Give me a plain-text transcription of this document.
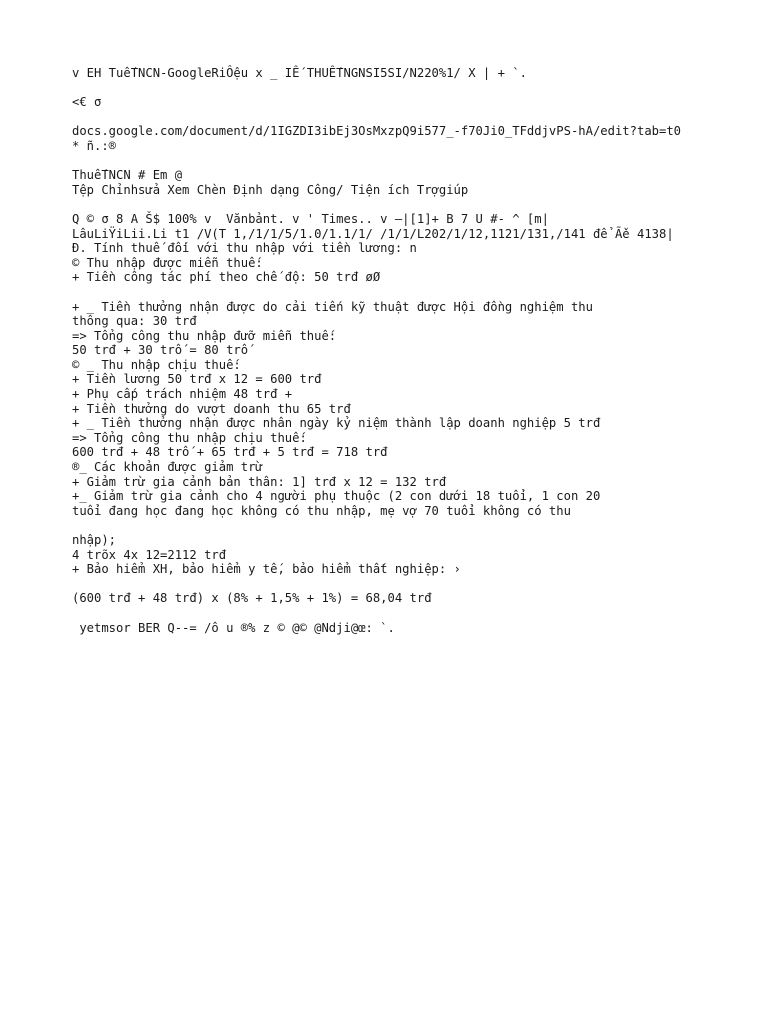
v EH TuếTNCN-GoogleRiÔệu x _ IẾ THUẾTNGNSI5SI/N220%1/ X | + `.
<€ σ
docs.google.com/document/d/1IGZDI3ibEj3OsMxzpQ9i577_-f70Ji0_TFddjvPS-hA/edit?tab=t0
* ñ.:®
ThuếTNCN # Em @
Tệp Chỉnhsửa Xem Chèn Định dạng Công/ Tiện ích Trợgiúp
Q © σ 8 A Š$ 100% v  Vănbảnt. v ' Times.. v —|[1]+ B 7 U #- ^ [m|
LâuLiŸiLii.Li t1 /V(T 1,/1/1/5/1.0/1.1/1/ /1/1/L202/1/12,1121/131,/141 để Ãě 4138|
Đ. Tính thuế đối với thu nhập với tiền lương: n
© Thu nhập được miễn thuế:
+ Tiền công tác phí theo chế độ: 50 trđ øØ
+ _ Tiền thưởng nhận được do cải tiến kỹ thuật được Hội đồng nghiệm thu
thông qua: 30 trđ
=> Tổng công thu nhập đưỡ miễn thuế:
50 trđ + 30 trố = 80 trố
© _ Thu nhập chịu thuế:
+ Tiền lương 50 trđ x 12 = 600 trđ
+ Phụ cấp trách nhiệm 48 trđ +
+ Tiền thưởng do vượt doanh thu 65 trđ
+ _ Tiền thưởng nhận được nhân ngày kỷ niệm thành lập doanh nghiệp 5 trđ
=> Tổng công thu nhập chịu thuế:
600 trđ + 48 trố + 65 trđ + 5 trđ = 718 trđ
®_ Các khoản được giảm trừ
+ Giảm trừ gia cảnh bản thân: 1] trđ x 12 = 132 trđ
+_ Giảm trừ gia cảnh cho 4 người phụ thuộc (2 con dưới 18 tuổi, 1 con 20
tuổi đang học đang học không có thu nhập, mẹ vợ 70 tuổi không có thu
nhập);
4 trõx 4x 12=2112 trđ
+ Bảo hiểm XH, bảo hiểm y tế, bảo hiểm thất nghiệp: ›
(600 trđ + 48 trđ) x (8% + 1,5% + 1%) = 68,04 trđ
yetmsor BER Q--= /ô u ®% z © @© @Ndji@œ: `.
